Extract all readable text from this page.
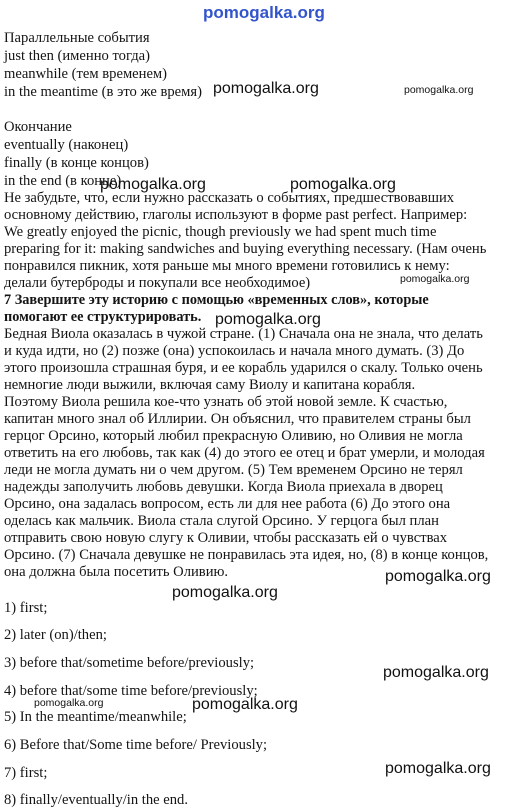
pomogalka.org
Параллельные события
just then (именно тогда)
meanwhile (тем временем)
in the meantime (в это же время)
Окончание
eventually (наконец)
finally (в конце концов)
in the end (в конце)
Не забудьте, что, если нужно рассказать о событиях, предшествовавших
основному действию, глаголы используют в форме past perfect. Например:
We greatly enjoyed the picnic, though previously we had spent much time
preparing for it: making sandwiches and buying everything necessary. (Нам очень
понравился пикник, хотя раньше мы много времени готовились к нему:
делали бутерброды и покупали все необходимое)
7 Завершите эту историю с помощью «временных слов», которые
помогают ее структурировать.
Бедная Виола оказалась в чужой стране. (1) Сначала она не знала, что делать
и куда идти, но (2) позже (она) успокоилась и начала много думать. (3) До
этого произошла страшная буря, и ее корабль ударился о скалу. Только очень
немногие люди выжили, включая саму Виолу и капитана корабля.
Поэтому Виола решила кое-что узнать об этой новой земле. К счастью,
капитан много знал об Иллирии. Он объяснил, что правителем страны был
герцог Орсино, который любил прекрасную Оливию, но Оливия не могла
ответить на его любовь, так как (4) до этого ее отец и брат умерли, и молодая
леди не могла думать ни о чем другом. (5) Тем временем Орсино не терял
надежды заполучить любовь девушки. Когда Виола приехала в дворец
Орсино, она задалась вопросом, есть ли для нее работа (6) До этого она
оделась как мальчик. Виола стала слугой Орсино. У герцога был план
отправить свою новую слугу к Оливии, чтобы рассказать ей о чувствах
Орсино. (7) Сначала девушке не понравилась эта идея, но, (8) в конце концов,
она должна была посетить Оливию.
1) first;
2) later (on)/then;
3) before that/sometime before/previously;
4) before that/some time before/previously;
5) In the meantime/meanwhile;
6) Before that/Some time before/ Previously;
7) first;
8) finally/eventually/in the end.
pomogalka.org	pomogalka.org
pomogalka.org	pomogalka.org
pomogalka.org
pomogalka.org
pomogalka.org
pomogalka.org
pomogalka.org
pomogalka.org	pomogalka.org
pomogalka.org
